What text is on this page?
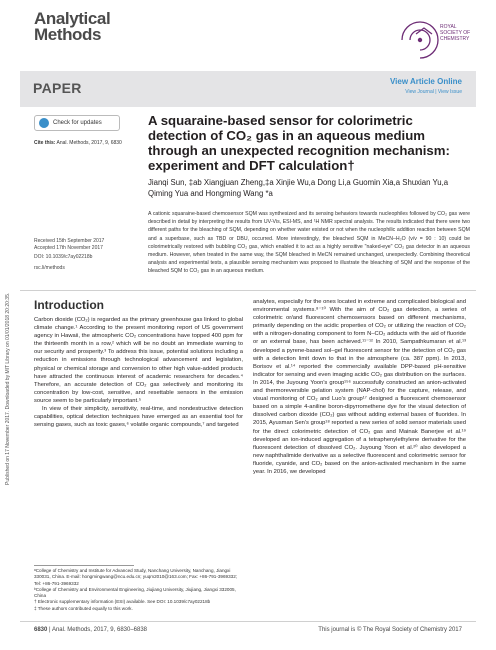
Analytical
Methods	ROYAL SOCIETY OF CHEMISTRY
PAPER	View Article Online
View Journal | View Issue
Published on 17 November 2017. Downloaded by MIT Library on 01/01/2018 20:20:35.
Check for updates
Cite this: Anal. Methods, 2017, 9, 6830
Received 15th September 2017
Accepted 17th November 2017
DOI: 10.1039/c7ay02218b
rsc.li/methods
A squaraine-based sensor for colorimetric detection of CO₂ gas in an aqueous medium through an unexpected recognition mechanism: experiment and DFT calculation†
Jianqi Sun, ‡ab Xiangjuan Zheng,‡a Xinjie Wu,a Dong Li,a Guomin Xia,a Shuxian Yu,a Qiming Yua and Hongming Wang *a
A cationic squaraine-based chemosensor SQM was synthesized and its sensing behaviors towards nucleophiles followed by CO₂ gas were described in detail by interpreting the results from UV-Vis, ESI-MS, and ¹H NMR spectral analysis. The results indicated that there were two different paths for the bleaching of SQM, depending on whether water existed or not when the nucleophilic addition reaction between SQM and a superbase, such as TBD or DBU, occurred. More interestingly, the bleached SQM in MeCN–H₂O (v/v = 90 : 10) could be colorimetrically restored with bubbling CO₂ gas, which enabled it to act as a highly sensitive "naked-eye" CO₂ gas detector in an aqueous medium. However, when treated in the same way, the SQM bleached in MeCN remained unchanged, unexpectedly. Combining theoretical analysis and experimental tests, a plausible sensing mechanism was proposed to illustrate the bleaching of SQM and the response of the bleached SQM to CO₂ gas in an aqueous medium.
Introduction

Carbon dioxide (CO₂) is regarded as the primary greenhouse gas linked to global climate change.¹ According to the present monitoring report of US government agency in Hawaii, the atmospheric CO₂ concentrations have topped 400 ppm for the thirteenth month in a row,² which will be no doubt an immediate warning to our security and prosperity.³ To address this issue, potential solutions including a reduction in emissions through technological advancement and legislation, physical or chemical storage and conversion to other high value-added products have attracted the continuous interest of academic researchers for decades.⁴ Therefore, an accurate detection of CO₂ gas selectively and monitoring its concentration by low-cost, sensitive, and resettable sensors in the emission source seem to be particularly important.⁵

In view of their simplicity, sensitivity, real-time, and nondestructive detection capabilities, optical detection techniques have emerged as an essential tool for sensing gases, such as toxic gases,⁶ volatile organic compounds,⁷ and targeted

analytes, especially for the ones located in extreme and complicated biological and environmental systems.⁸⁻¹⁰ With the aim of CO₂ gas detection, a series of colorimetric or/and fluorescent chemosensors based on different mechanisms, primarily depending on the acidic properties of CO₂ or utilizing the reaction of CO₂ with a nitrogen-donating component to form N–CO₂ adducts with the aid of fluoride or an external base, has been achieved.¹¹⁻¹² In 2010, Sampathkumaran et al.¹³ developed a pyrene-based sol–gel fluorescent sensor for the detection of CO₂ gas with a detection limit down to that in the atmosphere (ca. 387 ppm). In 2013, Borisov et al.¹⁴ reported the commercially available DPP-based pH-sensitive indicator for sensing and even imaging acidic CO₂ gas distribution on the surfaces. In 2014, the Juyoung Yoon's group¹⁵⁶ successfully constructed an anion-activated and thermoreversible gelation system (NAP-chol) for the capture, release, and visual monitoring of CO₂ and Luo's group¹⁷ designed a fluorescent chemosensor based on a simple 4-aniline boron-dipyrromethene dye for the visual detection of dissolved carbon dioxide (CO₂) gas without adding external bases of fluorides. In 2015, Ayusman Sen's group¹⁸ reported a new series of solid sensor materials used for the direct colorimetric detection of CO₂ gas and Mainak Banerjee et al.¹⁹ developed an ion-induced aggregation of a tetraphenylethylene derivative for the fluorescent detection of dissolved CO₂. Juyoung Yoon et al.²⁰ also developed a new naphthalimide derivative as a selective fluorescent and colorimetric sensor for fluoride, cyanide, and CO₂ based on the anion-activated mechanism in the same year. In 2016, we developed

ᵃCollege of Chemistry and Institute for Advanced Study, Nanchang University, Nanchang, Jiangxi 330031, China. E-mail: hongmingwang@ncu.edu.cn; yuqm2010@163.com; Fax: +86-791-3969332; Tel: +86-791-3969332
ᵇCollege of Chemistry and Environmental Engineering, Jiujiang University, Jiujiang, Jiangxi 332005, China
† Electronic supplementary information (ESI) available. See DOI: 10.1039/c7ay02218b
‡ These authors contributed equally to this work.
6830 | Anal. Methods, 2017, 9, 6830–6838	This journal is © The Royal Society of Chemistry 2017
